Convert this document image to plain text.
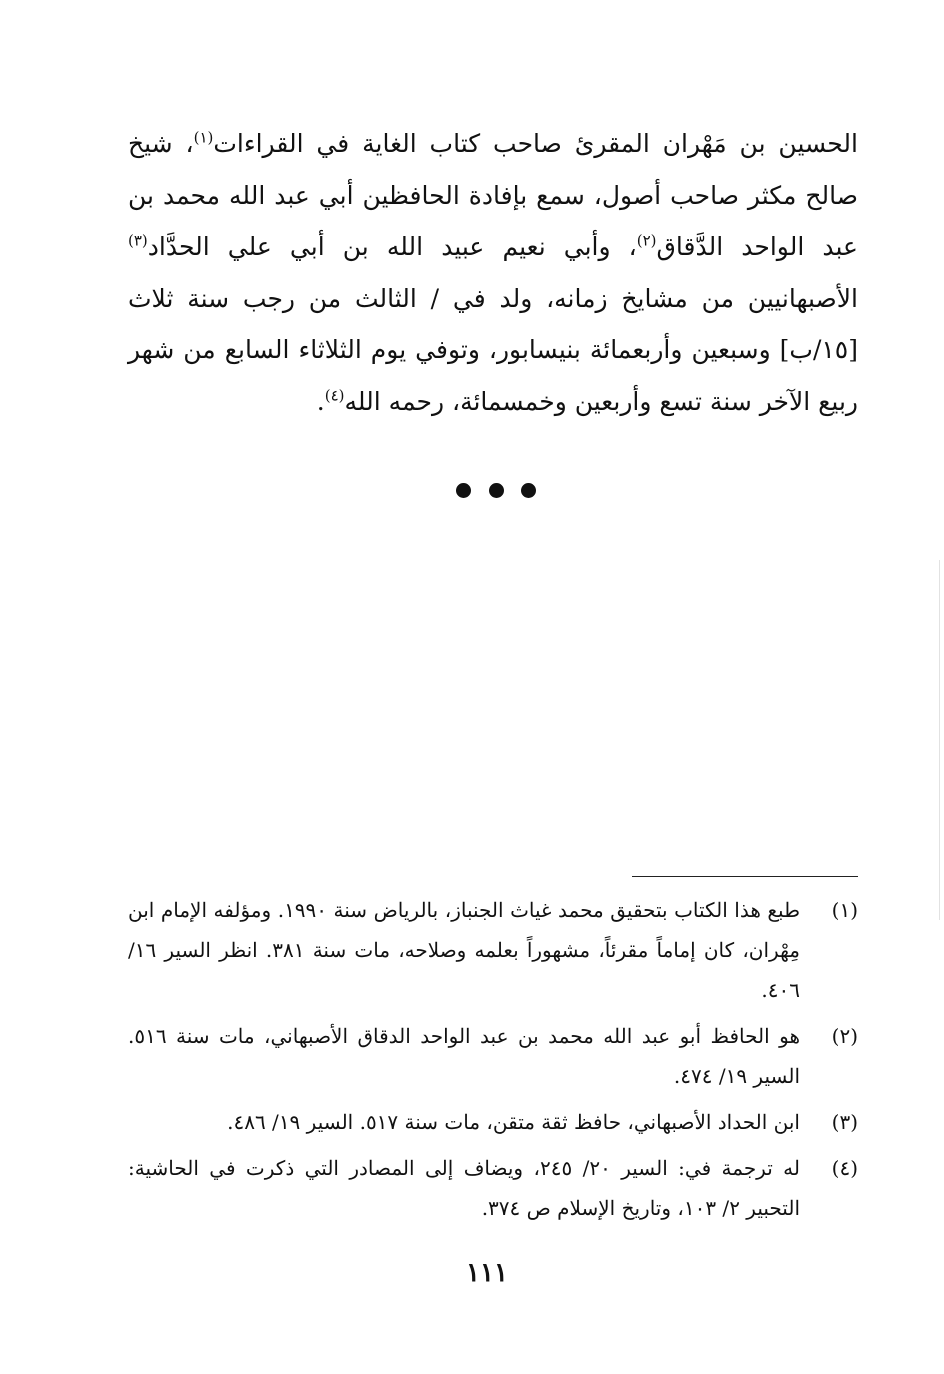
الحسين بن مَهْران المقرئ صاحب كتاب الغاية في القراءات$^{(١)}$، شيخ صالح مكثر صاحب أصول، سمع بإفادة الحافظين أبي عبد الله محمد بن عبد الواحد الدَّقاق$^{(٢)}$، وأبي نعيم عبيد الله بن أبي علي الحدَّاد$^{(٣)}$ الأصبهانيين من مشايخ زمانه، ولد في / الثالث من رجب سنة ثلاث [١٥/ب] وسبعين وأربعمائة بنيسابور، وتوفي يوم الثلاثاء السابع من شهر ربيع الآخر سنة تسع وأربعين وخمسمائة، رحمه الله$^{(٤)}$.

(١)
طبع هذا الكتاب بتحقيق محمد غياث الجنباز، بالرياض سنة ١٩٩٠. ومؤلفه الإمام ابن مِهْران، كان إماماً مقرئاً، مشهوراً بعلمه وصلاحه، مات سنة ٣٨١. انظر السير ١٦/ ٤٠٦.
(٢)
هو الحافظ أبو عبد الله محمد بن عبد الواحد الدقاق الأصبهاني، مات سنة ٥١٦. السير ١٩/ ٤٧٤.
(٣)
ابن الحداد الأصبهاني، حافظ ثقة متقن، مات سنة ٥١٧. السير ١٩/ ٤٨٦.
(٤)
له ترجمة في: السير ٢٠/ ٢٤٥، ويضاف إلى المصادر التي ذكرت في الحاشية: التحبير ٢/ ١٠٣، وتاريخ الإسلام ص ٣٧٤.
١١١
